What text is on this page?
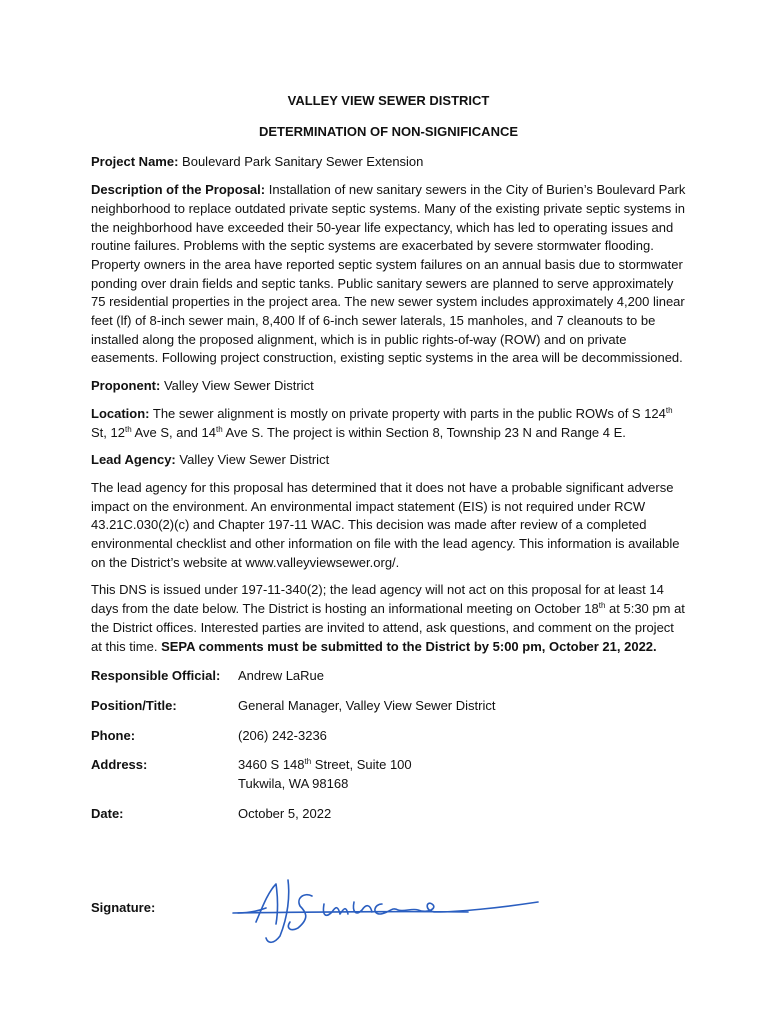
VALLEY VIEW SEWER DISTRICT

DETERMINATION OF NON-SIGNIFICANCE

Project Name: Boulevard Park Sanitary Sewer Extension

Description of the Proposal: Installation of new sanitary sewers in the City of Burien’s Boulevard Park neighborhood to replace outdated private septic systems. Many of the existing private septic systems in the neighborhood have exceeded their 50-year life expectancy, which has led to operating issues and routine failures. Problems with the septic systems are exacerbated by severe stormwater flooding. Property owners in the area have reported septic system failures on an annual basis due to stormwater ponding over drain fields and septic tanks. Public sanitary sewers are planned to serve approximately 75 residential properties in the project area. The new sewer system includes approximately 4,200 linear feet (lf) of 8-inch sewer main, 8,400 lf of 6-inch sewer laterals, 15 manholes, and 7 cleanouts to be installed along the proposed alignment, which is in public rights-of-way (ROW) and on private easements. Following project construction, existing septic systems in the area will be decommissioned.

Proponent: Valley View Sewer District

Location: The sewer alignment is mostly on private property with parts in the public ROWs of S 124th St, 12th Ave S, and 14th Ave S. The project is within Section 8, Township 23 N and Range 4 E.

Lead Agency: Valley View Sewer District

The lead agency for this proposal has determined that it does not have a probable significant adverse impact on the environment. An environmental impact statement (EIS) is not required under RCW 43.21C.030(2)(c) and Chapter 197-11 WAC. This decision was made after review of a completed environmental checklist and other information on file with the lead agency. This information is available on the District’s website at www.valleyviewsewer.org/.

This DNS is issued under 197-11-340(2); the lead agency will not act on this proposal for at least 14 days from the date below. The District is hosting an informational meeting on October 18th at 5:30 pm at the District offices. Interested parties are invited to attend, ask questions, and comment on the project at this time. SEPA comments must be submitted to the District by 5:00 pm, October 21, 2022.

Responsible Official:	Andrew LaRue
Position/Title:	General Manager, Valley View Sewer District
Phone:	(206) 242-3236
Address:	3460 S 148th Street, Suite 100
Tukwila, WA 98168
Date:	October 5, 2022
Signature:
